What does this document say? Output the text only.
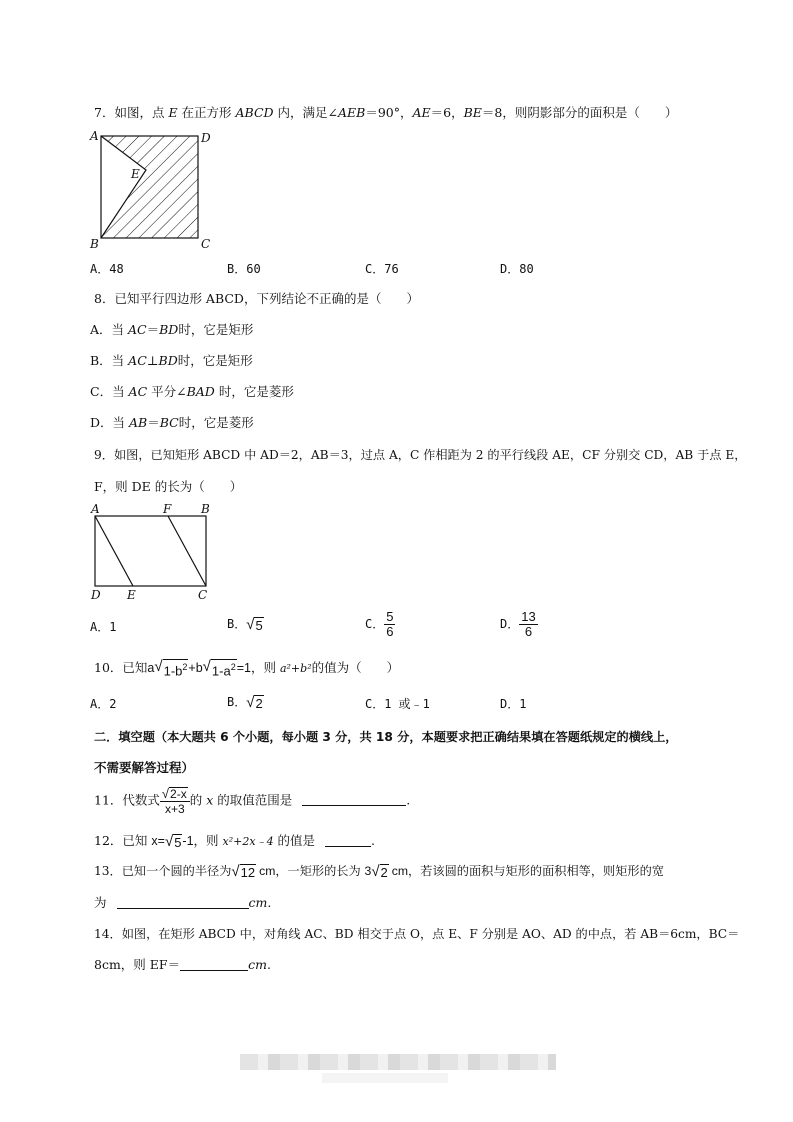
7．如图，点 E 在正方形 ABCD 内，满足∠AEB＝90°，AE＝6，BE＝8，则阴影部分的面积是（　　）
A	D
E
B	C
A．48	B．60	C．76	D．80
8．已知平行四边形 ABCD，下列结论不正确的是（　　）
A．当 AC＝BD时，它是矩形
B．当 AC⊥BD时，它是矩形
C．当 AC 平分∠BAD 时，它是菱形
D．当 AB＝BC时，它是菱形
9．如图，已知矩形 ABCD 中 AD＝2，AB＝3，过点 A，C 作相距为 2 的平行线段 AE，CF 分别交 CD，AB 于点 E，
F，则 DE 的长为（　　）
A	F B
D E	C
A．1	B． √ 5	C． $\frac{5}{6}$	D． $\frac{13}{6}$
10．已知a √ $1-b^2 +b$ √ $1-a^2 =1$，则 a²+b²的值为（　　）
A．2	B． √ 2	C．1 或﹣1	D．1
二．填空题（本大题共 6 个小题，每小题 3 分，共 18 分，本题要求把正确结果填在答题纸规定的横线上，
不需要解答过程）
11．代数式 $\frac{√ 2-x}{x+3}$ 的 x 的取值范围是	.
12．已知 x= √ 5 -1，则 x²+2x﹣4 的值是	.
13．已知一个圆的半径为 √ 12 cm，一矩形的长为 3 √ 2 cm，若该圆的面积与矩形的面积相等，则矩形的宽
为	cm.
14．如图，在矩形 ABCD 中，对角线 AC、BD 相交于点 O，点 E、F 分别是 AO、AD 的中点，若 AB＝6cm，BC＝
8cm，则 EF＝	cm.
